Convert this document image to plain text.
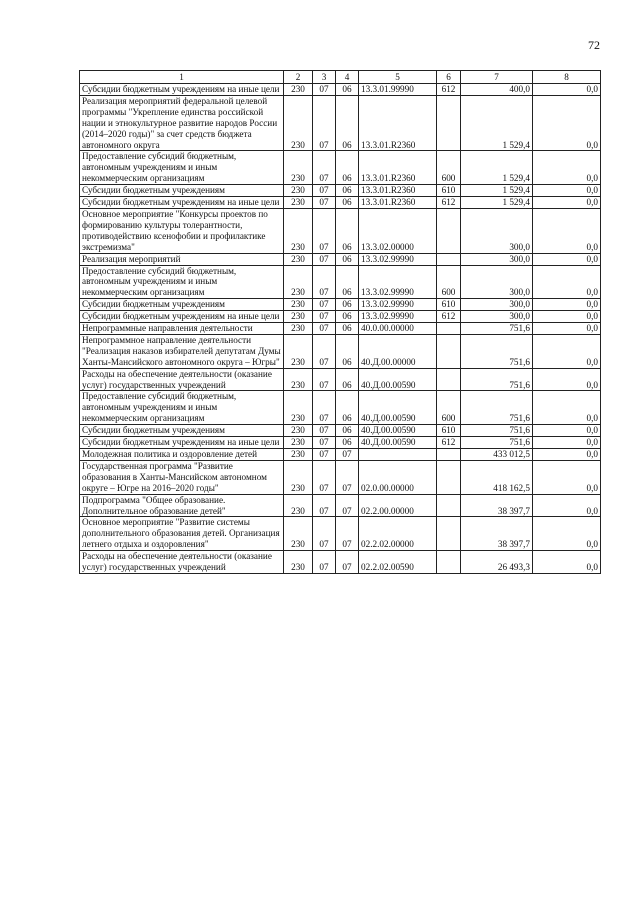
72
1	2	3	4	5	6	7	8
Субсидии бюджетным учреждениям на иные цели	230	07	06	13.3.01.99990	612	400,0	0,0
Реализация мероприятий федеральной целевой программы "Укрепление единства российской нации и этнокультурное развитие народов России (2014–2020 годы)" за счет средств бюджета автономного округа	230	07	06	13.3.01.R2360		1 529,4	0,0
Предоставление субсидий бюджетным, автономным учреждениям и иным некоммерческим организациям	230	07	06	13.3.01.R2360	600	1 529,4	0,0
Субсидии бюджетным учреждениям	230	07	06	13.3.01.R2360	610	1 529,4	0,0
Субсидии бюджетным учреждениям на иные цели	230	07	06	13.3.01.R2360	612	1 529,4	0,0
Основное мероприятие "Конкурсы проектов по формированию культуры толерантности, противодействию ксенофобии и профилактике экстремизма"	230	07	06	13.3.02.00000		300,0	0,0
Реализация мероприятий	230	07	06	13.3.02.99990		300,0	0,0
Предоставление субсидий бюджетным, автономным учреждениям и иным некоммерческим организациям	230	07	06	13.3.02.99990	600	300,0	0,0
Субсидии бюджетным учреждениям	230	07	06	13.3.02.99990	610	300,0	0,0
Субсидии бюджетным учреждениям на иные цели	230	07	06	13.3.02.99990	612	300,0	0,0
Непрограммные направления деятельности	230	07	06	40.0.00.00000		751,6	0,0
Непрограммное направление деятельности "Реализация наказов избирателей депутатам Думы Ханты-Мансийского автономного округа – Югры"	230	07	06	40.Д.00.00000		751,6	0,0
Расходы на обеспечение деятельности (оказание услуг) государственных учреждений	230	07	06	40.Д.00.00590		751,6	0,0
Предоставление субсидий бюджетным, автономным учреждениям и иным некоммерческим организациям	230	07	06	40.Д.00.00590	600	751,6	0,0
Субсидии бюджетным учреждениям	230	07	06	40.Д.00.00590	610	751,6	0,0
Субсидии бюджетным учреждениям на иные цели	230	07	06	40.Д.00.00590	612	751,6	0,0
Молодежная политика и оздоровление детей	230	07	07			433 012,5	0,0
Государственная программа "Развитие образования в Ханты-Мансийском автономном округе – Югре на 2016–2020 годы"	230	07	07	02.0.00.00000		418 162,5	0,0
Подпрограмма "Общее образование. Дополнительное образование детей"	230	07	07	02.2.00.00000		38 397,7	0,0
Основное мероприятие "Развитие системы дополнительного образования детей. Организация летнего отдыха и оздоровления"	230	07	07	02.2.02.00000		38 397,7	0,0
Расходы на обеспечение деятельности (оказание услуг) государственных учреждений	230	07	07	02.2.02.00590		26 493,3	0,0
